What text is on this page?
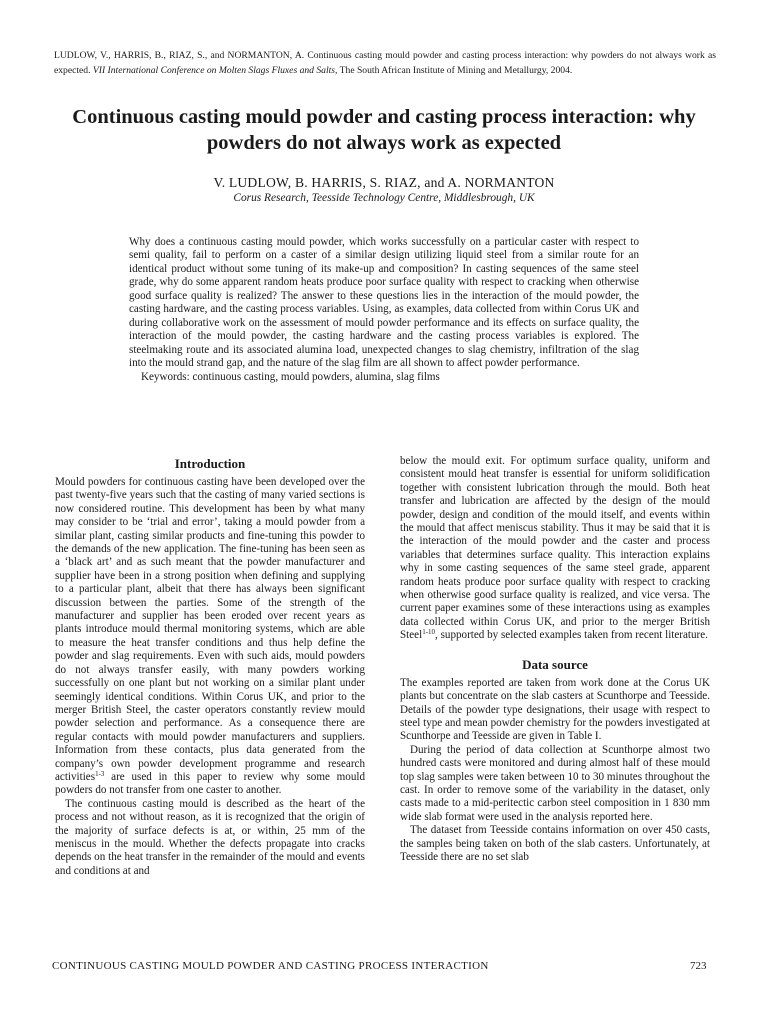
LUDLOW, V., HARRIS, B., RIAZ, S., and NORMANTON, A. Continuous casting mould powder and casting process interaction: why powders do not always work as expected. VII International Conference on Molten Slags Fluxes and Salts, The South African Institute of Mining and Metallurgy, 2004.
Continuous casting mould powder and casting process interaction: why powders do not always work as expected
V. LUDLOW, B. HARRIS, S. RIAZ, and A. NORMANTON
Corus Research, Teesside Technology Centre, Middlesbrough, UK
Why does a continuous casting mould powder, which works successfully on a particular caster with respect to semi quality, fail to perform on a caster of a similar design utilizing liquid steel from a similar route for an identical product without some tuning of its make-up and composition? In casting sequences of the same steel grade, why do some apparent random heats produce poor surface quality with respect to cracking when otherwise good surface quality is realized? The answer to these questions lies in the interaction of the mould powder, the casting hardware, and the casting process variables. Using, as examples, data collected from within Corus UK and during collaborative work on the assessment of mould powder performance and its effects on surface quality, the interaction of the mould powder, the casting hardware and the casting process variables is explored. The steelmaking route and its associated alumina load, unexpected changes to slag chemistry, infiltration of the slag into the mould strand gap, and the nature of the slag film are all shown to affect powder performance.
Keywords: continuous casting, mould powders, alumina, slag films
Introduction

Mould powders for continuous casting have been developed over the past twenty-five years such that the casting of many varied sections is now considered routine. This development has been by what many may consider to be ‘trial and error’, taking a mould powder from a similar plant, casting similar products and fine-tuning this powder to the demands of the new application. The fine-tuning has been seen as a ‘black art’ and as such meant that the powder manufacturer and supplier have been in a strong position when defining and supplying to a particular plant, albeit that there has always been significant discussion between the parties. Some of the strength of the manufacturer and supplier has been eroded over recent years as plants introduce mould thermal monitoring systems, which are able to measure the heat transfer conditions and thus help define the powder and slag requirements. Even with such aids, mould powders do not always transfer easily, with many powders working successfully on one plant but not working on a similar plant under seemingly identical conditions. Within Corus UK, and prior to the merger British Steel, the caster operators constantly review mould powder selection and performance. As a consequence there are regular contacts with mould powder manufacturers and suppliers. Information from these contacts, plus data generated from the company’s own powder development programme and research activities$^{1-3}$ are used in this paper to review why some mould powders do not transfer from one caster to another.

The continuous casting mould is described as the heart of the process and not without reason, as it is recognized that the origin of the majority of surface defects is at, or within, 25 mm of the meniscus in the mould. Whether the defects propagate into cracks depends on the heat transfer in the remainder of the mould and events and conditions at and

below the mould exit. For optimum surface quality, uniform and consistent mould heat transfer is essential for uniform solidification together with consistent lubrication through the mould. Both heat transfer and lubrication are affected by the design of the mould powder, design and condition of the mould itself, and events within the mould that affect meniscus stability. Thus it may be said that it is the interaction of the mould powder and the caster and process variables that determines surface quality. This interaction explains why in some casting sequences of the same steel grade, apparent random heats produce poor surface quality with respect to cracking when otherwise good surface quality is realized, and vice versa. The current paper examines some of these interactions using as examples data collected within Corus UK, and prior to the merger British Steel$^{1-10}$, supported by selected examples taken from recent literature.

Data source

The examples reported are taken from work done at the Corus UK plants but concentrate on the slab casters at Scunthorpe and Teesside. Details of the powder type designations, their usage with respect to steel type and mean powder chemistry for the powders investigated at Scunthorpe and Teesside are given in Table I.

During the period of data collection at Scunthorpe almost two hundred casts were monitored and during almost half of these mould top slag samples were taken between 10 to 30 minutes throughout the cast. In order to remove some of the variability in the dataset, only casts made to a mid-peritectic carbon steel composition in 1 830 mm wide slab format were used in the analysis reported here.

The dataset from Teesside contains information on over 450 casts, the samples being taken on both of the slab casters. Unfortunately, at Teesside there are no set slab

CONTINUOUS CASTING MOULD POWDER AND CASTING PROCESS INTERACTION	723
